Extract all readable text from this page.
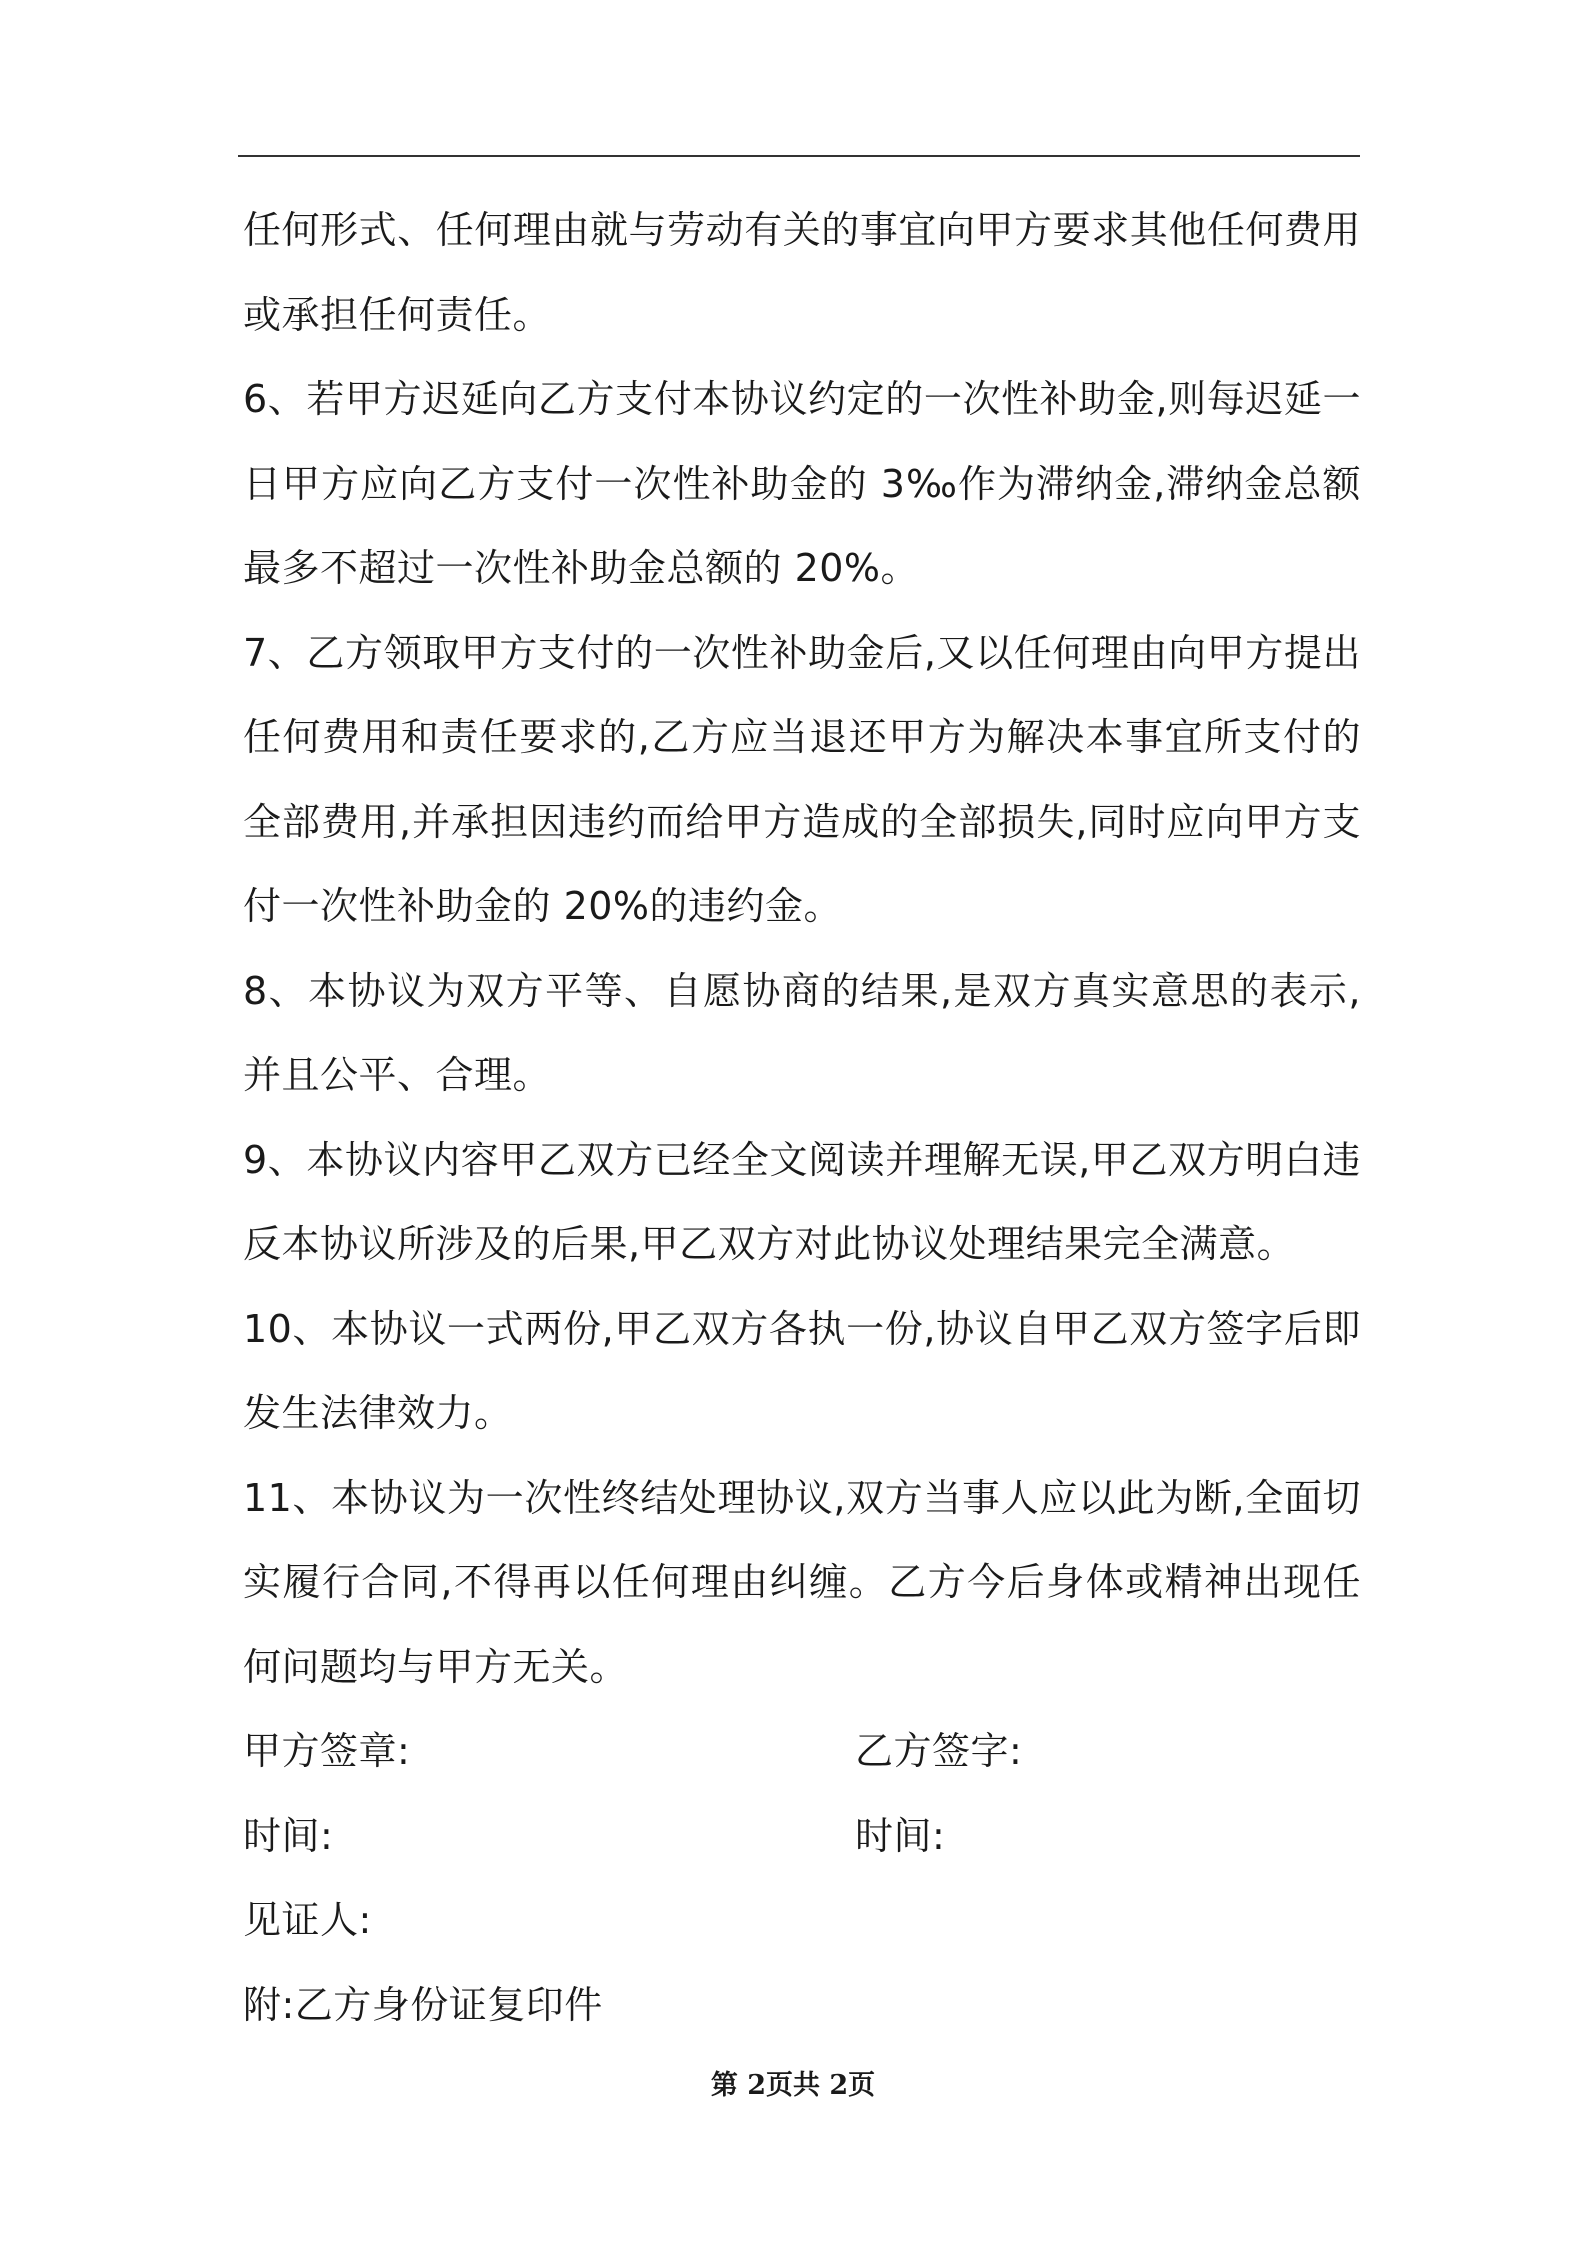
任何形式、任何理由就与劳动有关的事宜向甲方要求其他任何费用或承担任何责任。

6、若甲方迟延向乙方支付本协议约定的一次性补助金,则每迟延一日甲方应向乙方支付一次性补助金的 3‰作为滞纳金,滞纳金总额最多不超过一次性补助金总额的 20%。

7、乙方领取甲方支付的一次性补助金后,又以任何理由向甲方提出任何费用和责任要求的,乙方应当退还甲方为解决本事宜所支付的全部费用,并承担因违约而给甲方造成的全部损失,同时应向甲方支付一次性补助金的 20%的违约金。

8、本协议为双方平等、自愿协商的结果,是双方真实意思的表示,并且公平、合理。

9、本协议内容甲乙双方已经全文阅读并理解无误,甲乙双方明白违反本协议所涉及的后果,甲乙双方对此协议处理结果完全满意。

10、本协议一式两份,甲乙双方各执一份,协议自甲乙双方签字后即发生法律效力。

11、本协议为一次性终结处理协议,双方当事人应以此为断,全面切实履行合同,不得再以任何理由纠缠。乙方今后身体或精神出现任何问题均与甲方无关。

甲方签章:	乙方签字:
时间:	时间:
见证人:
附:乙方身份证复印件
第 2页共 2页
